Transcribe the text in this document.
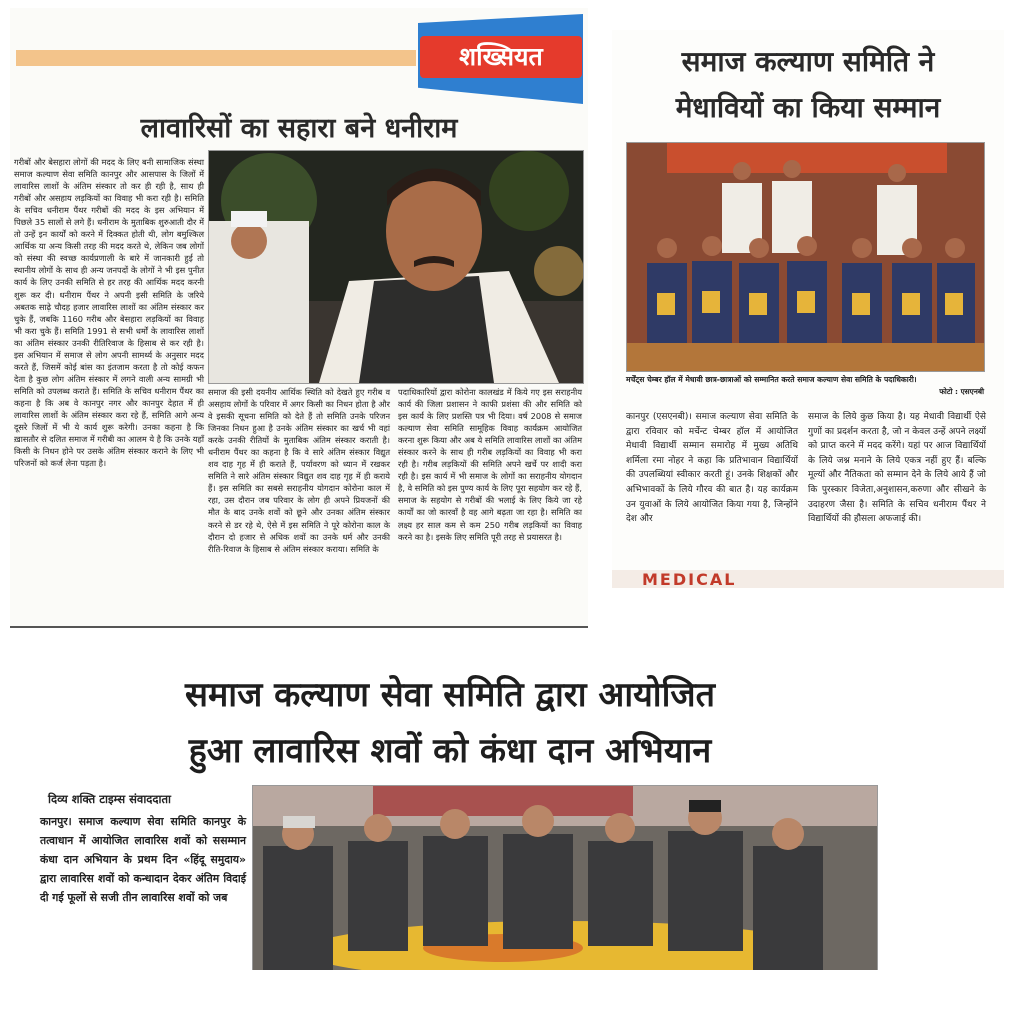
शख्सियत
लावारिसों का सहारा बने धनीराम
गरीबों और बेसहारा लोगों की मदद के लिए बनी सामाजिक संस्था समाज कल्याण सेवा समिति कानपुर और आसपास के जिलों में लावारिस लाशों के अंतिम संस्कार तो कर ही रही है, साथ ही गरीबों और असहाय लड़कियों का विवाह भी करा रही है। समिति के सचिव धनीराम पैंथर गरीबों की मदद के इस अभियान में पिछले 35 सालों से लगे हैं। धनीराम के मुताबिक शुरुआती दौर में तो उन्हें इन कार्यों को करने में दिक्कत होती थी, लोग बमुश्किल आर्थिक या अन्य किसी तरह की मदद करते थे, लेकिन जब लोगों को संस्था की स्वच्छ कार्यप्रणाली के बारे में जानकारी हुई तो स्थानीय लोगों के साथ ही अन्य जनपदों के लोगों ने भी इस पुनीत कार्य के लिए उनकी समिति से हर तरह की आर्थिक मदद करनी शुरू कर दी। धनीराम पैंथर ने अपनी इसी समिति के जरिये अबतक साढ़े चौदह हजार लावारिस लाशों का अंतिम संस्कार कर चुके हैं, जबकि 1160 गरीब और बेसहारा लड़कियों का विवाह भी करा चुके हैं। समिति 1991 से सभी धर्मों के लावारिस लाशों का अंतिम संस्कार उनकी रीतिरिवाज के हिसाब से कर रही है। इस अभियान में समाज से लोग अपनी सामर्थ्य के अनुसार मदद करते हैं, जिसमें कोई बांस का इंतजाम करता है तो कोई कफन देता है कुछ लोग अंतिम संस्कार में लगने वाली अन्य सामग्री भी समिति को उपलब्ध कराते हैं। समिति के सचिव धनीराम पैंथर का कहना है कि अब वे कानपुर नगर और कानपुर देहात में ही लावारिस लाशों के अंतिम संस्कार करा रहे हैं, समिति आगे अन्य दूसरे जिलों में भी ये कार्य शुरू करेगी। उनका कहना है कि ख़ासतौर से दलित समाज में गरीबी का आलम ये है कि उनके यहाँ किसी के निधन होने पर उसके अंतिम संस्कार कराने के लिए भी परिजनों को कर्ज लेना पड़ता है।
समाज की इसी दयनीय आर्थिक स्थिति को देखते हुए गरीब व असहाय लोगों के परिवार में अगर किसी का निधन होता है और वे इसकी सूचना समिति को देते हैं तो समिति उनके परिजन जिनका निधन हुआ है उनके अंतिम संस्कार का खर्च भी वहां करके उनकी रीतियों के मुताबिक अंतिम संस्कार कराती है। धनीराम पैंथर का कहना है कि वे सारे अंतिम संस्कार विद्युत शव दाह गृह में ही कराते हैं, पर्यावरण को ध्यान में रखकर समिति ने सारे अंतिम संस्कार विद्युत शव दाह गृह में ही कराये हैं। इस समिति का सबसे सराहनीय योगदान कोरोना काल में रहा, उस दौरान जब परिवार के लोग ही अपने प्रियजनों की मौत के बाद उनके शवों को छूने और उनका अंतिम संस्कार करने से डर रहे थे, ऐसे में इस समिति ने पूरे कोरोना काल के दौरान दो हजार से अधिक शवों का उनके धर्म और उनकी रीति-रिवाज के हिसाब से अंतिम संस्कार कराया। समिति के
पदाधिकारियों द्वारा कोरोना कालखंड में किये गए इस सराहनीय कार्य की जिला प्रशासन ने काफी प्रशंसा की और समिति को इस कार्य के लिए प्रशस्ति पत्र भी दिया। वर्ष 2008 से समाज कल्याण सेवा समिति सामूहिक विवाह कार्यक्रम आयोजित करना शुरू किया और अब ये समिति लावारिस लाशों का अंतिम संस्कार करने के साथ ही गरीब लड़कियों का विवाह भी करा रही है। गरीब लड़कियों की समिति अपने खर्चे पर शादी करा रही है। इस कार्य में भी समाज के लोगों का सराहनीय योगदान है, वे समिति को इस पुण्य कार्य के लिए पूरा सहयोग कर रहे हैं, समाज के सहयोग से गरीबों की भलाई के लिए किये जा रहे कार्यों का जो कारवाँ है वह आगे बढ़ता जा रहा है। समिति का लक्ष्य हर साल कम से कम 250 गरीब लड़कियों का विवाह करने का है। इसके लिए समिति पूरी तरह से प्रयासरत है।
समाज कल्याण समिति ने
मेधावियों का किया सम्मान
मर्चेंट्स चेम्बर हॉल में मेधावी छात्र-छात्राओं को सम्मानित करते समाज कल्याण सेवा समिति के पदाधिकारी।
फोटो : एसएनबी
कानपुर (एसएनबी)। समाज कल्याण सेवा समिति के द्वारा रविवार को मर्चेन्ट चेम्बर हॉल में आयोजित मेधावी विद्यार्थी सम्मान समारोह में मुख्य अतिथि शर्मिला रमा नोहर ने कहा कि प्रतिभावान विद्यार्थियों की उपलब्धियां स्वीकार करती हूं। उनके शिक्षकों और अभिभावकों के लिये गौरव की बात है। यह कार्यक्रम उन युवाओं के लिये आयोजित किया गया है, जिन्होंने देश और
समाज के लिये कुछ किया है। यह मेधावी विद्यार्थी ऐसे गुणों का प्रदर्शन करता है, जो न केवल उन्हें अपने लक्ष्यों को प्राप्त करने में मदद करेंगे। यहां पर आज विद्यार्थियों के लिये जश्न मनाने के लिये एकत्र नहीं हुए हैं। बल्कि मूल्यों और नैतिकता को सम्मान देने के लिये आये हैं जो कि पुरस्कार विजेता,अनुशासन,करुणा और सीखने के उदाहरण जैसा है। समिति के सचिव धनीराम पैंथर ने विद्यार्थियों की हौसला अफजाई की।
MEDICAL
समाज कल्याण सेवा समिति द्वारा आयोजित
हुआ लावारिस शवों को कंधा दान अभियान
दिव्य शक्ति टाइम्स संवाददाता
कानपुर। समाज कल्याण सेवा समिति कानपुर के तत्वाधान में आयोजित लावारिस शवों को ससम्मान कंधा दान अभियान के प्रथम दिन «हिंदू समुदाय» द्वारा लावारिस शवों को कन्धादान देकर अंतिम विदाई दी गई फूलों से सजी तीन लावारिस शवों को जब
